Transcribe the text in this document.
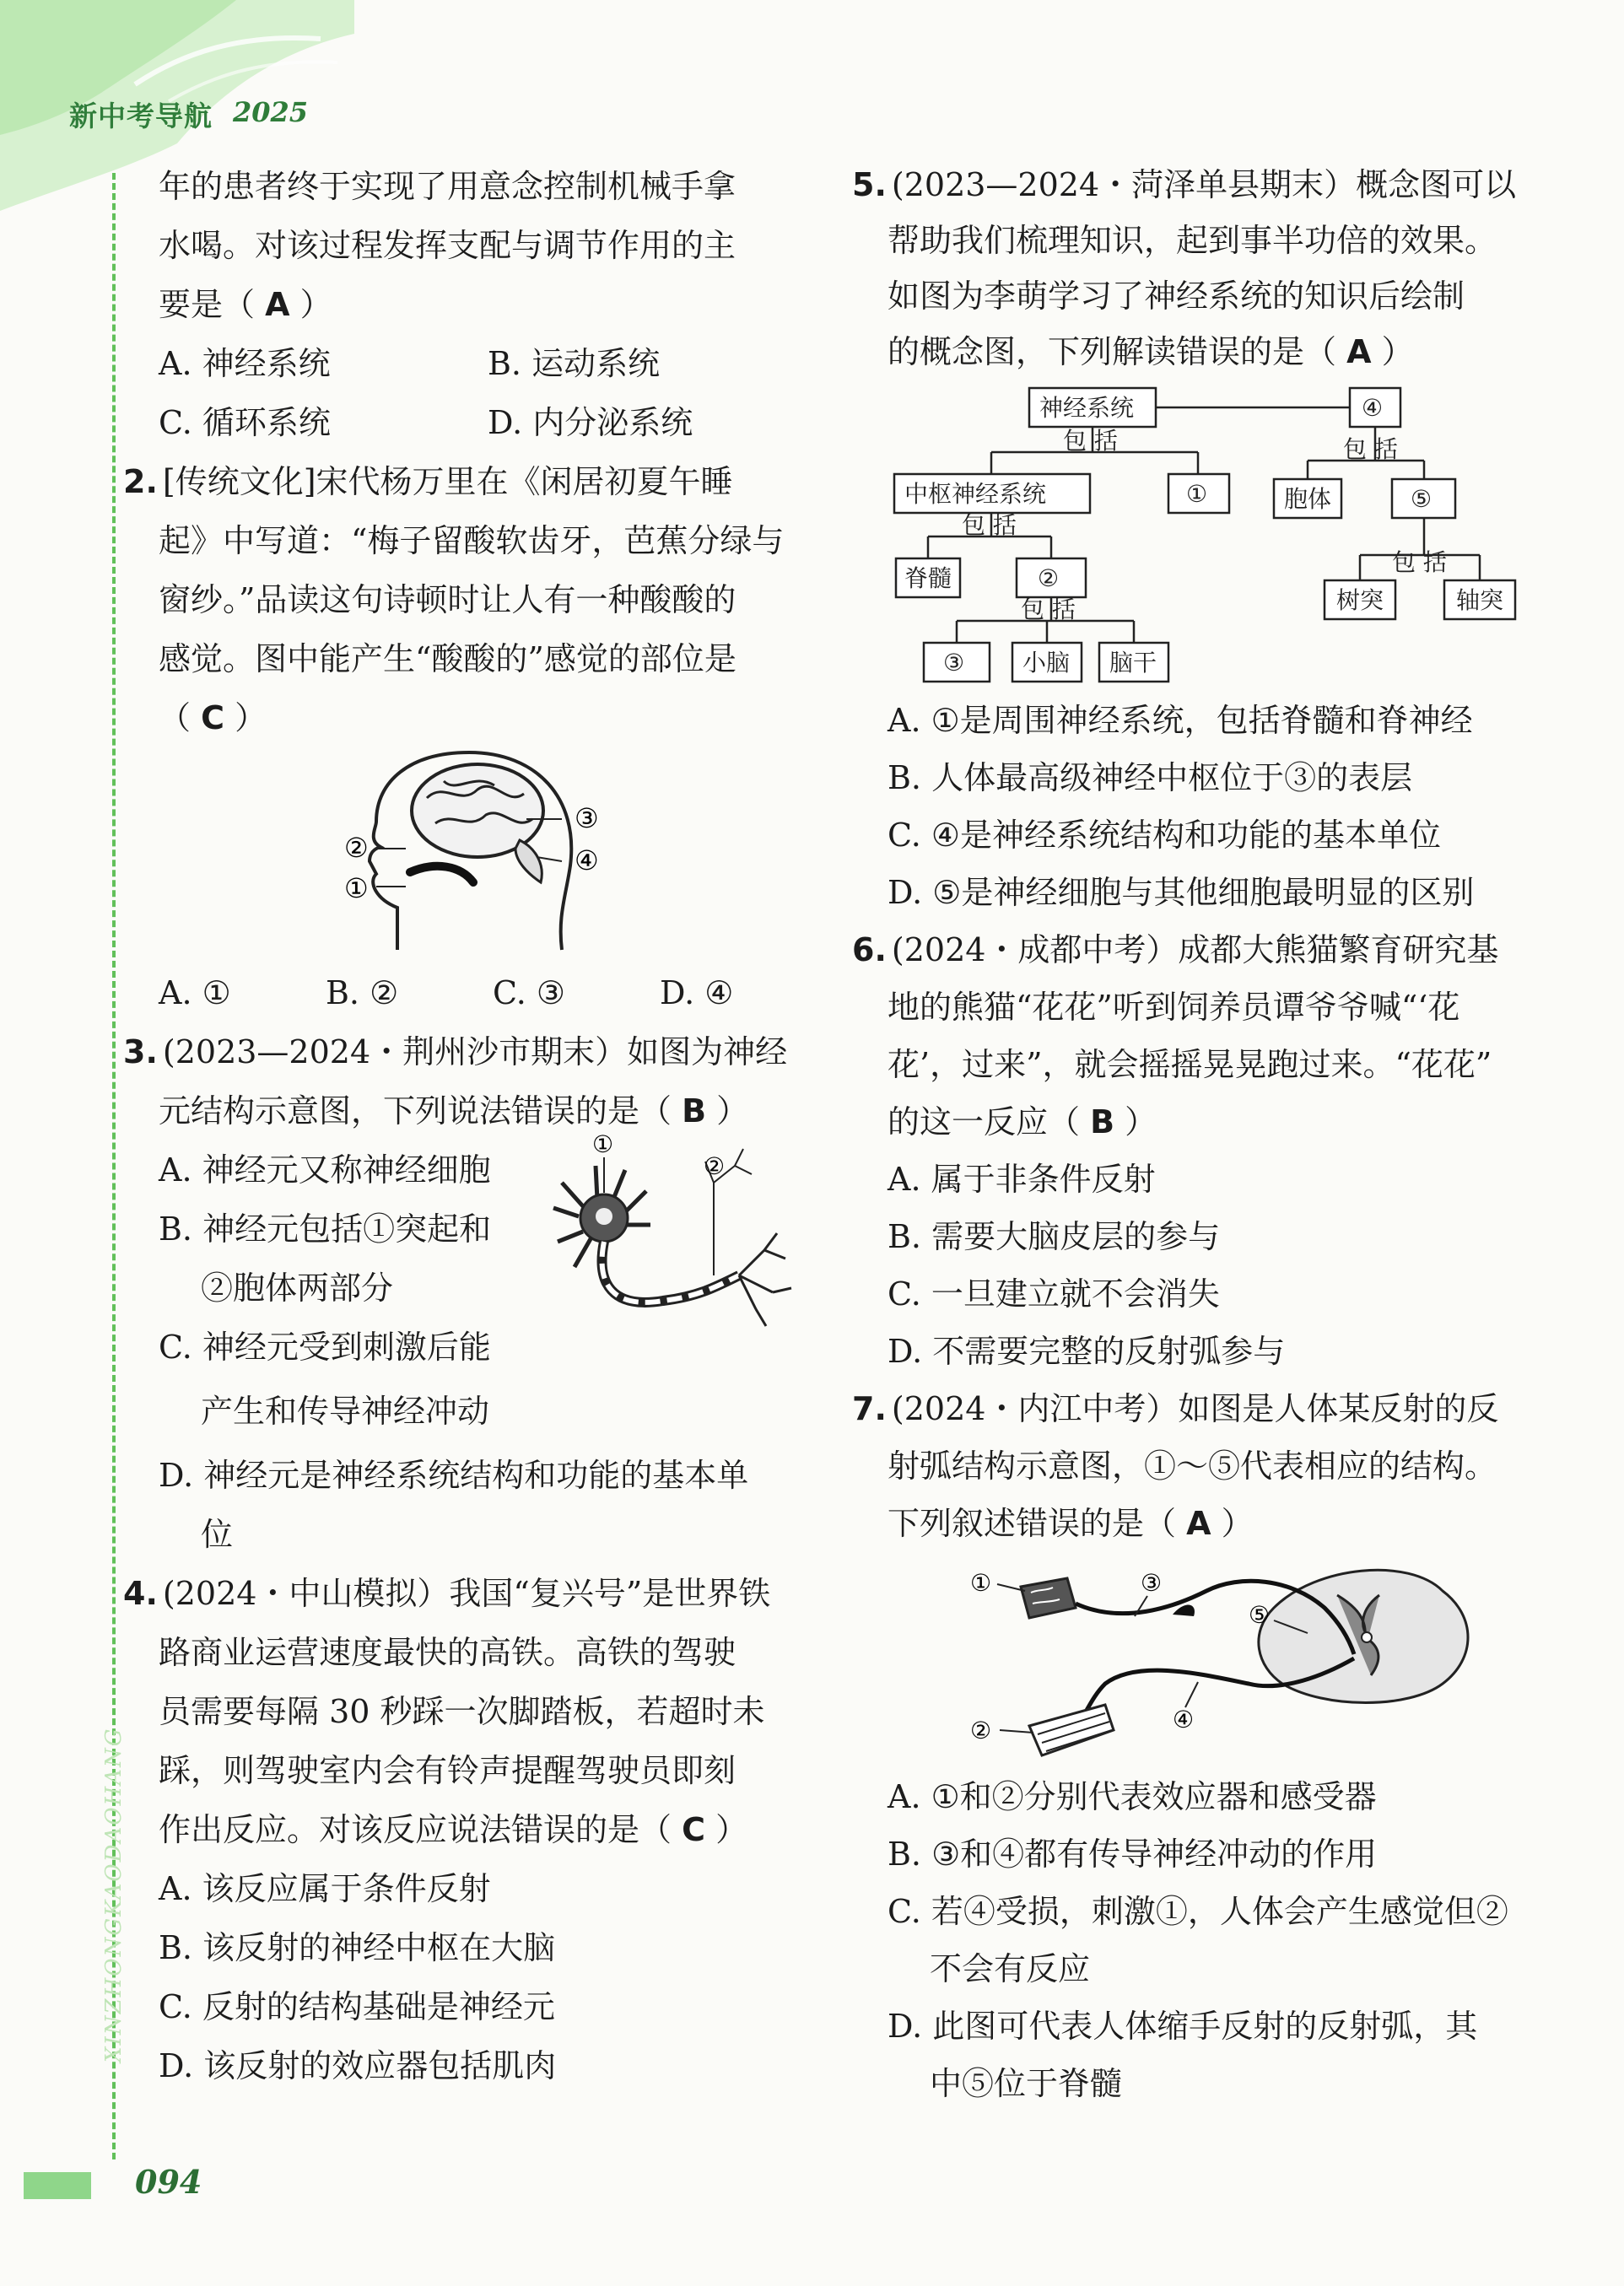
新中考导航 2025
XINZHONGKAODAOHANG
094

年的患者终于实现了用意念控制机械手拿

水喝。对该过程发挥支配与调节作用的主

要是（ A ）

A. 神经系统	B. 运动系统
C. 循环系统	D. 内分泌系统

2. [传统文化]宋代杨万里在《闲居初夏午睡

起》中写道：“梅子留酸软齿牙，芭蕉分绿与

窗纱。”品读这句诗顿时让人有一种酸酸的

感觉。图中能产生“酸酸的”感觉的部位是

（ C ）

③
④
②
①
A. ①	B. ②	C. ③	D. ④

3. (2023—2024・荆州沙市期末）如图为神经

元结构示意图，下列说法错误的是（ B ）

A. 神经元又称神经细胞

B. 神经元包括①突起和

②胞体两部分

C. 神经元受到刺激后能

产生和传导神经冲动

D. 神经元是神经系统结构和功能的基本单

位

①
②

4. (2024・中山模拟）我国“复兴号”是世界铁

路商业运营速度最快的高铁。高铁的驾驶

员需要每隔 30 秒踩一次脚踏板，若超时未

踩，则驾驶室内会有铃声提醒驾驶员即刻

作出反应。对该反应说法错误的是（ C ）

A. 该反应属于条件反射

B. 该反射的神经中枢在大脑

C. 反射的结构基础是神经元

D. 该反射的效应器包括肌肉

5. (2023—2024・菏泽单县期末）概念图可以

帮助我们梳理知识，起到事半功倍的效果。

如图为李萌学习了神经系统的知识后绘制

的概念图，下列解读错误的是（ A ）

神经系统	④
包 括	包 括
中枢神经系统	①	胞体	⑤
包 括
包 括
脊髓	②
树突	轴突
包 括
③ 小脑 脑干

A. ①是周围神经系统，包括脊髓和脊神经

B. 人体最高级神经中枢位于③的表层

C. ④是神经系统结构和功能的基本单位

D. ⑤是神经细胞与其他细胞最明显的区别

6. (2024・成都中考）成都大熊猫繁育研究基

地的熊猫“花花”听到饲养员谭爷爷喊“‘花

花’，过来”，就会摇摇晃晃跑过来。“花花”

的这一反应（ B ）

A. 属于非条件反射

B. 需要大脑皮层的参与

C. 一旦建立就不会消失

D. 不需要完整的反射弧参与

7. (2024・内江中考）如图是人体某反射的反

射弧结构示意图，①～⑤代表相应的结构。

下列叙述错误的是（ A ）

①
②
③
④
⑤

A. ①和②分别代表效应器和感受器

B. ③和④都有传导神经冲动的作用

C. 若④受损，刺激①，人体会产生感觉但②

不会有反应

D. 此图可代表人体缩手反射的反射弧，其

中⑤位于脊髓
